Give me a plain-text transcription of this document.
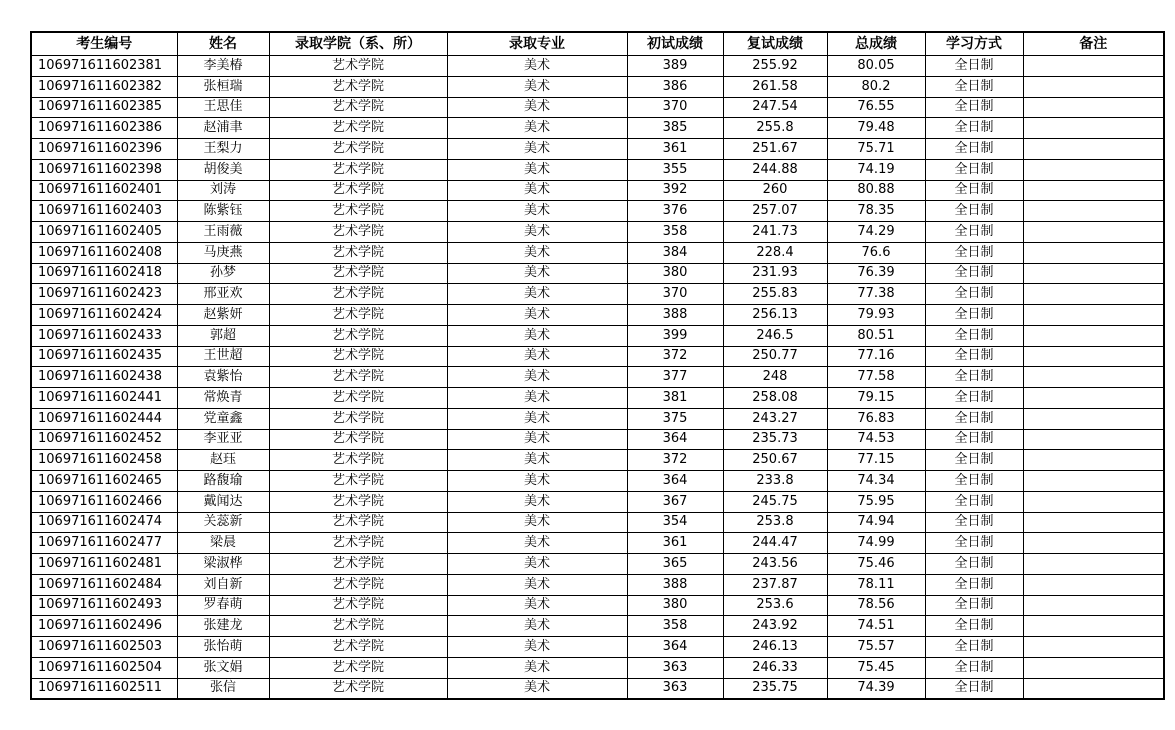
考生编号	姓名	录取学院（系、所）	录取专业	初试成绩	复试成绩	总成绩	学习方式	备注
106971611602381	李美椿	艺术学院	美术	389	255.92	80.05	全日制	
106971611602382	张桓瑞	艺术学院	美术	386	261.58	80.2	全日制	
106971611602385	王思佳	艺术学院	美术	370	247.54	76.55	全日制	
106971611602386	赵浦聿	艺术学院	美术	385	255.8	79.48	全日制	
106971611602396	王梨力	艺术学院	美术	361	251.67	75.71	全日制	
106971611602398	胡俊美	艺术学院	美术	355	244.88	74.19	全日制	
106971611602401	刘涛	艺术学院	美术	392	260	80.88	全日制	
106971611602403	陈紫钰	艺术学院	美术	376	257.07	78.35	全日制	
106971611602405	王雨薇	艺术学院	美术	358	241.73	74.29	全日制	
106971611602408	马庚燕	艺术学院	美术	384	228.4	76.6	全日制	
106971611602418	孙梦	艺术学院	美术	380	231.93	76.39	全日制	
106971611602423	邢亚欢	艺术学院	美术	370	255.83	77.38	全日制	
106971611602424	赵紫妍	艺术学院	美术	388	256.13	79.93	全日制	
106971611602433	郭超	艺术学院	美术	399	246.5	80.51	全日制	
106971611602435	王世超	艺术学院	美术	372	250.77	77.16	全日制	
106971611602438	袁紫怡	艺术学院	美术	377	248	77.58	全日制	
106971611602441	常焕青	艺术学院	美术	381	258.08	79.15	全日制	
106971611602444	党童鑫	艺术学院	美术	375	243.27	76.83	全日制	
106971611602452	李亚亚	艺术学院	美术	364	235.73	74.53	全日制	
106971611602458	赵珏	艺术学院	美术	372	250.67	77.15	全日制	
106971611602465	路馥瑜	艺术学院	美术	364	233.8	74.34	全日制	
106971611602466	戴闻达	艺术学院	美术	367	245.75	75.95	全日制	
106971611602474	关蕊新	艺术学院	美术	354	253.8	74.94	全日制	
106971611602477	梁晨	艺术学院	美术	361	244.47	74.99	全日制	
106971611602481	梁淑桦	艺术学院	美术	365	243.56	75.46	全日制	
106971611602484	刘自新	艺术学院	美术	388	237.87	78.11	全日制	
106971611602493	罗春萌	艺术学院	美术	380	253.6	78.56	全日制	
106971611602496	张建龙	艺术学院	美术	358	243.92	74.51	全日制	
106971611602503	张怡萌	艺术学院	美术	364	246.13	75.57	全日制	
106971611602504	张文娟	艺术学院	美术	363	246.33	75.45	全日制	
106971611602511	张信	艺术学院	美术	363	235.75	74.39	全日制	
